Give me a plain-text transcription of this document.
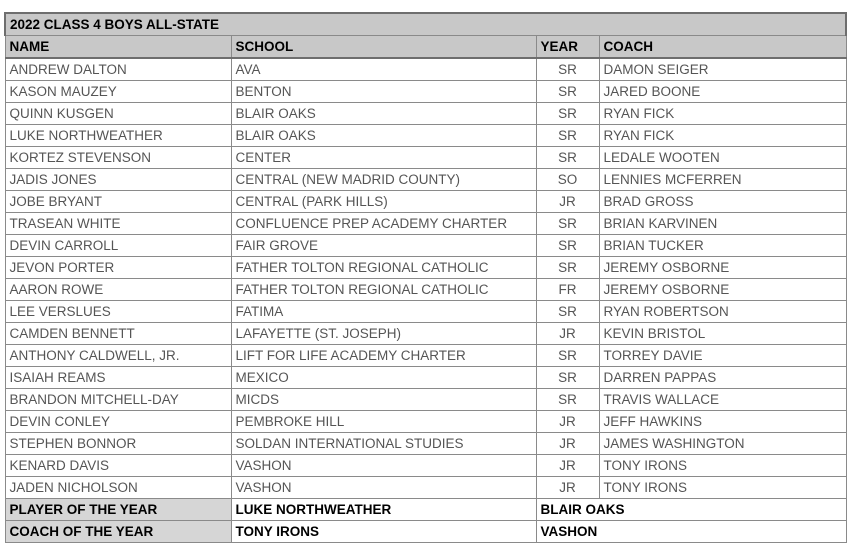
2022 CLASS 4 BOYS ALL-STATE			
NAME	SCHOOL	YEAR	COACH
ANDREW DALTON	AVA	SR	DAMON SEIGER
KASON MAUZEY	BENTON	SR	JARED BOONE
QUINN KUSGEN	BLAIR OAKS	SR	RYAN FICK
LUKE NORTHWEATHER	BLAIR OAKS	SR	RYAN FICK
KORTEZ STEVENSON	CENTER	SR	LEDALE WOOTEN
JADIS JONES	CENTRAL (NEW MADRID COUNTY)	SO	LENNIES MCFERREN
JOBE BRYANT	CENTRAL (PARK HILLS)	JR	BRAD GROSS
TRASEAN WHITE	CONFLUENCE PREP ACADEMY CHARTER	SR	BRIAN KARVINEN
DEVIN CARROLL	FAIR GROVE	SR	BRIAN TUCKER
JEVON PORTER	FATHER TOLTON REGIONAL CATHOLIC	SR	JEREMY OSBORNE
AARON ROWE	FATHER TOLTON REGIONAL CATHOLIC	FR	JEREMY OSBORNE
LEE VERSLUES	FATIMA	SR	RYAN ROBERTSON
CAMDEN BENNETT	LAFAYETTE (ST. JOSEPH)	JR	KEVIN BRISTOL
ANTHONY CALDWELL, JR.	LIFT FOR LIFE ACADEMY CHARTER	SR	TORREY DAVIE
ISAIAH REAMS	MEXICO	SR	DARREN PAPPAS
BRANDON MITCHELL-DAY	MICDS	SR	TRAVIS WALLACE
DEVIN CONLEY	PEMBROKE HILL	JR	JEFF HAWKINS
STEPHEN BONNOR	SOLDAN INTERNATIONAL STUDIES	JR	JAMES WASHINGTON
KENARD DAVIS	VASHON	JR	TONY IRONS
JADEN NICHOLSON	VASHON	JR	TONY IRONS
PLAYER OF THE YEAR	LUKE NORTHWEATHER	BLAIR OAKS	
COACH OF THE YEAR	TONY IRONS	VASHON	
